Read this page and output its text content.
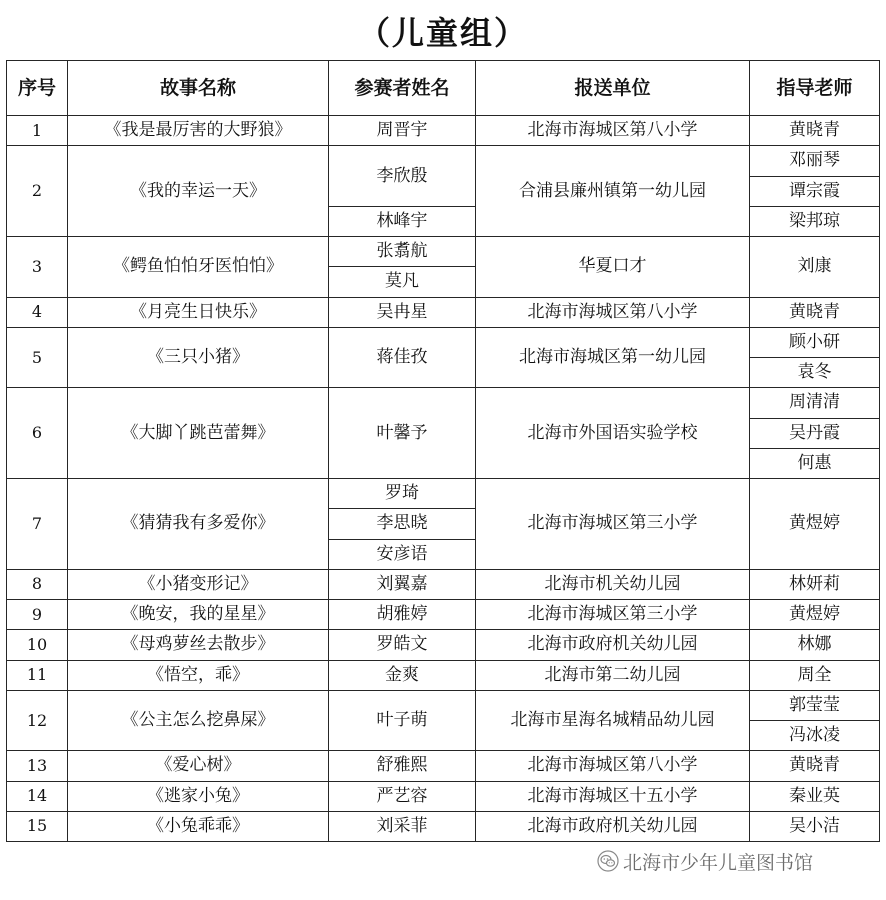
（儿童组）
序号	故事名称	参赛者姓名	报送单位	指导老师
1	《我是最厉害的大野狼》	周晋宇	北海市海城区第八小学	黄晓青
2	《我的幸运一天》	李欣殷	合浦县廉州镇第一幼儿园	邓丽琴
				谭宗霞
		林峰宇		梁邦琼
3	《鳄鱼怕怕牙医怕怕》	张翥航	华夏口才	刘康
		莫凡		
4	《月亮生日快乐》	吴冉星	北海市海城区第八小学	黄晓青
5	《三只小猪》	蒋佳孜	北海市海城区第一幼儿园	顾小研
				袁冬
6	《大脚丫跳芭蕾舞》	叶馨予	北海市外国语实验学校	周清清
				吴丹霞
				何惠
7	《猜猜我有多爱你》	罗琦	北海市海城区第三小学	黄煜婷
		李思晓		
		安彦语		
8	《小猪变形记》	刘翼嘉	北海市机关幼儿园	林妍莉
9	《晚安，我的星星》	胡雅婷	北海市海城区第三小学	黄煜婷
10	《母鸡萝丝去散步》	罗皓文	北海市政府机关幼儿园	林娜
11	《悟空，乖》	金爽	北海市第二幼儿园	周全
12	《公主怎么挖鼻屎》	叶子萌	北海市星海名城精品幼儿园	郭莹莹
				冯冰凌
13	《爱心树》	舒雅熙	北海市海城区第八小学	黄晓青
14	《逃家小兔》	严艺容	北海市海城区十五小学	秦业英
15	《小兔乖乖》	刘采菲	北海市政府机关幼儿园	吴小洁
北海市少年儿童图书馆
